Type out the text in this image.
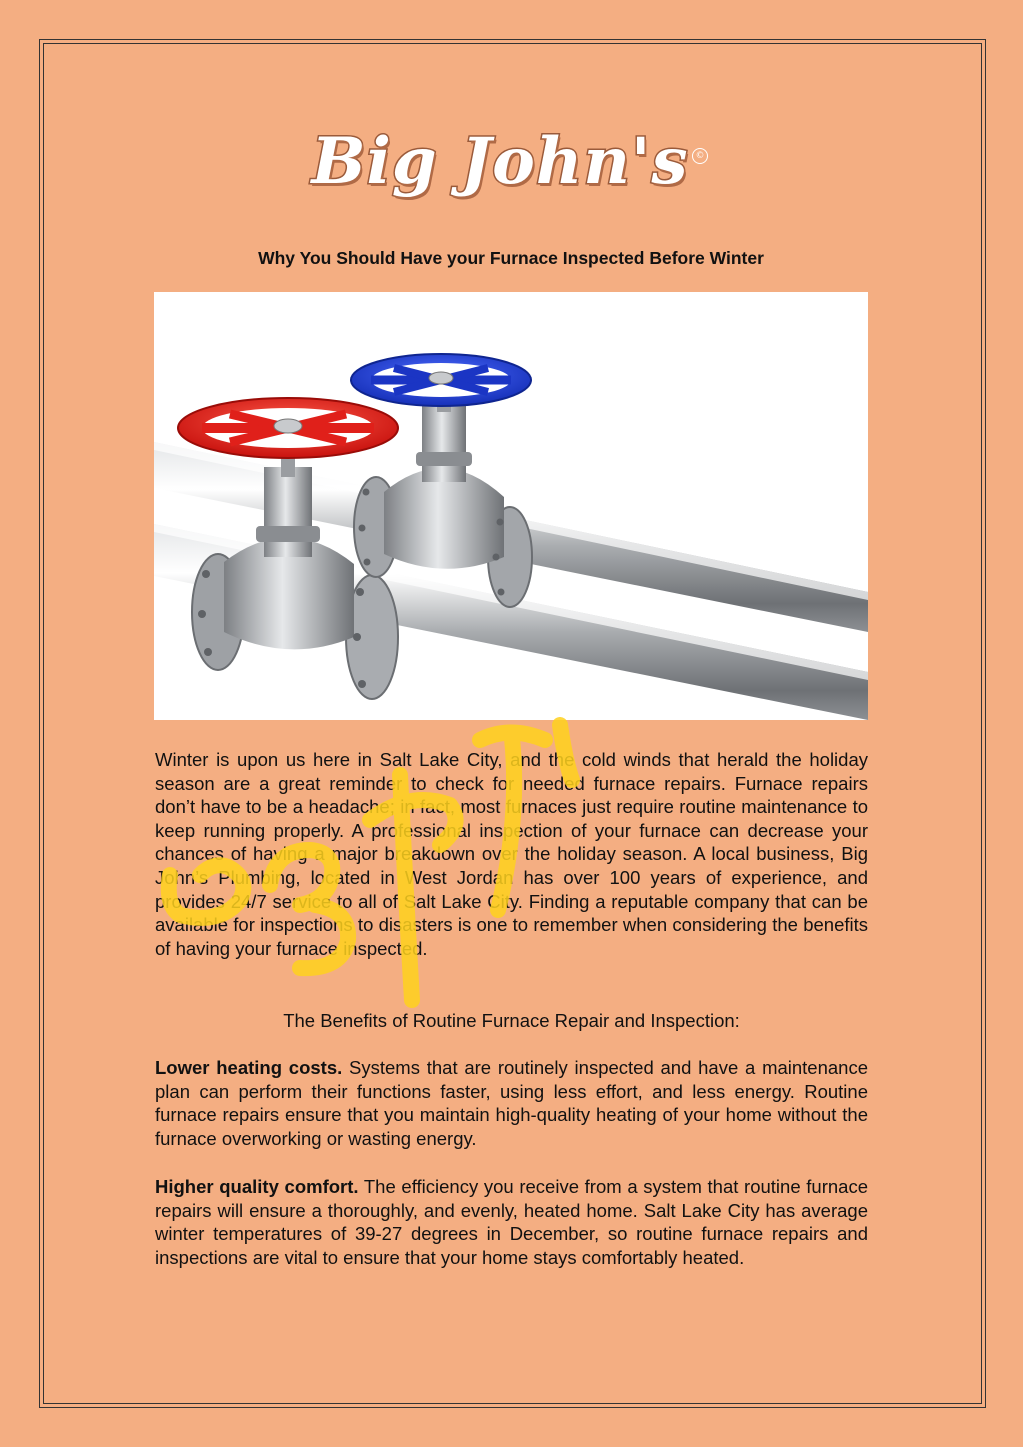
Big John's ©
Why You Should Have your Furnace Inspected Before Winter
Winter is upon us here in Salt Lake City, and the cold winds that herald the holiday season are a great reminder to check for needed furnace repairs. Furnace repairs don’t have to be a headache; in fact, most furnaces just require routine maintenance to keep running properly. A professional inspection of your furnace can decrease your chances of having a major breakdown over the holiday season. A local business, Big John’s Plumbing, located in West Jordan has over 100 years of experience, and provides 24/7 service to all of Salt Lake City. Finding a reputable company that can be available for inspections to disasters is one to remember when considering the benefits of having your furnace inspected.
The Benefits of Routine Furnace Repair and Inspection:
Lower heating costs. Systems that are routinely inspected and have a maintenance plan can perform their functions faster, using less effort, and less energy. Routine furnace repairs ensure that you maintain high-quality heating of your home without the furnace overworking or wasting energy.
Higher quality comfort. The efficiency you receive from a system that routine furnace repairs will ensure a thoroughly, and evenly, heated home. Salt Lake City has average winter temperatures of 39-27 degrees in December, so routine furnace repairs and inspections are vital to ensure that your home stays comfortably heated.
